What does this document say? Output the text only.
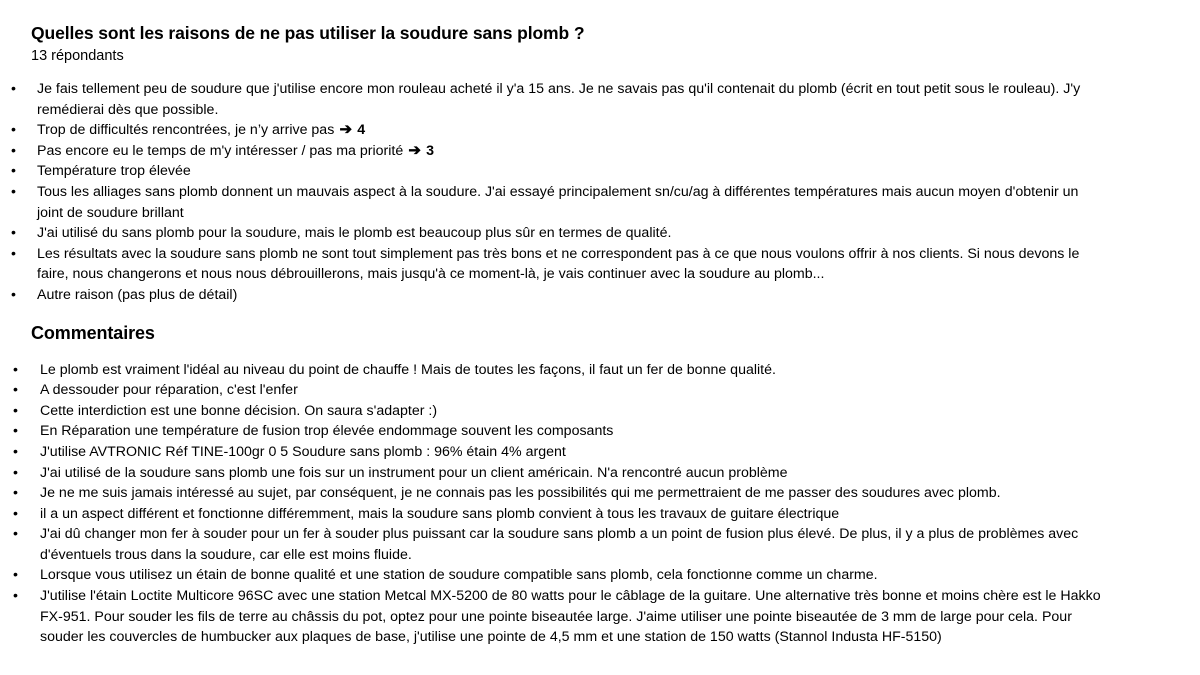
Quelles sont les raisons de ne pas utiliser la soudure sans plomb ?
13 répondants
• Je fais tellement peu de soudure que j'utilise encore mon rouleau acheté il y'a 15 ans. Je ne savais pas qu'il contenait du plomb (écrit en tout petit sous le rouleau). J'y remédierai dès que possible.
• Trop de difficultés rencontrées, je n’y arrive pas ➔ 4
• Pas encore eu le temps de m'y intéresser / pas ma priorité ➔ 3
• Température trop élevée
• Tous les alliages sans plomb donnent un mauvais aspect à la soudure. J'ai essayé principalement sn/cu/ag à différentes températures mais aucun moyen d'obtenir un joint de soudure brillant
• J'ai utilisé du sans plomb pour la soudure, mais le plomb est beaucoup plus sûr en termes de qualité.
• Les résultats avec la soudure sans plomb ne sont tout simplement pas très bons et ne correspondent pas à ce que nous voulons offrir à nos clients. Si nous devons le faire, nous changerons et nous nous débrouillerons, mais jusqu'à ce moment-là, je vais continuer avec la soudure au plomb...
• Autre raison (pas plus de détail)
Commentaires
• Le plomb est vraiment l'idéal au niveau du point de chauffe ! Mais de toutes les façons, il faut un fer de bonne qualité.
• A dessouder pour réparation, c'est l'enfer
• Cette interdiction est une bonne décision. On saura s'adapter :)
• En Réparation une température de fusion trop élevée endommage souvent les composants
• J'utilise AVTRONIC Réf TINE-100gr 0 5 Soudure sans plomb : 96% étain 4% argent
• J'ai utilisé de la soudure sans plomb une fois sur un instrument pour un client américain. N'a rencontré aucun problème
• Je ne me suis jamais intéressé au sujet, par conséquent, je ne connais pas les possibilités qui me permettraient de me passer des soudures avec plomb.
• il a un aspect différent et fonctionne différemment, mais la soudure sans plomb convient à tous les travaux de guitare électrique
• J'ai dû changer mon fer à souder pour un fer à souder plus puissant car la soudure sans plomb a un point de fusion plus élevé. De plus, il y a plus de problèmes avec d'éventuels trous dans la soudure, car elle est moins fluide.
• Lorsque vous utilisez un étain de bonne qualité et une station de soudure compatible sans plomb, cela fonctionne comme un charme.
• J'utilise l'étain Loctite Multicore 96SC avec une station Metcal MX-5200 de 80 watts pour le câblage de la guitare. Une alternative très bonne et moins chère est le Hakko FX-951. Pour souder les fils de terre au châssis du pot, optez pour une pointe biseautée large. J'aime utiliser une pointe biseautée de 3 mm de large pour cela. Pour souder les couvercles de humbucker aux plaques de base, j'utilise une pointe de 4,5 mm et une station de 150 watts (Stannol Industa HF-5150)
